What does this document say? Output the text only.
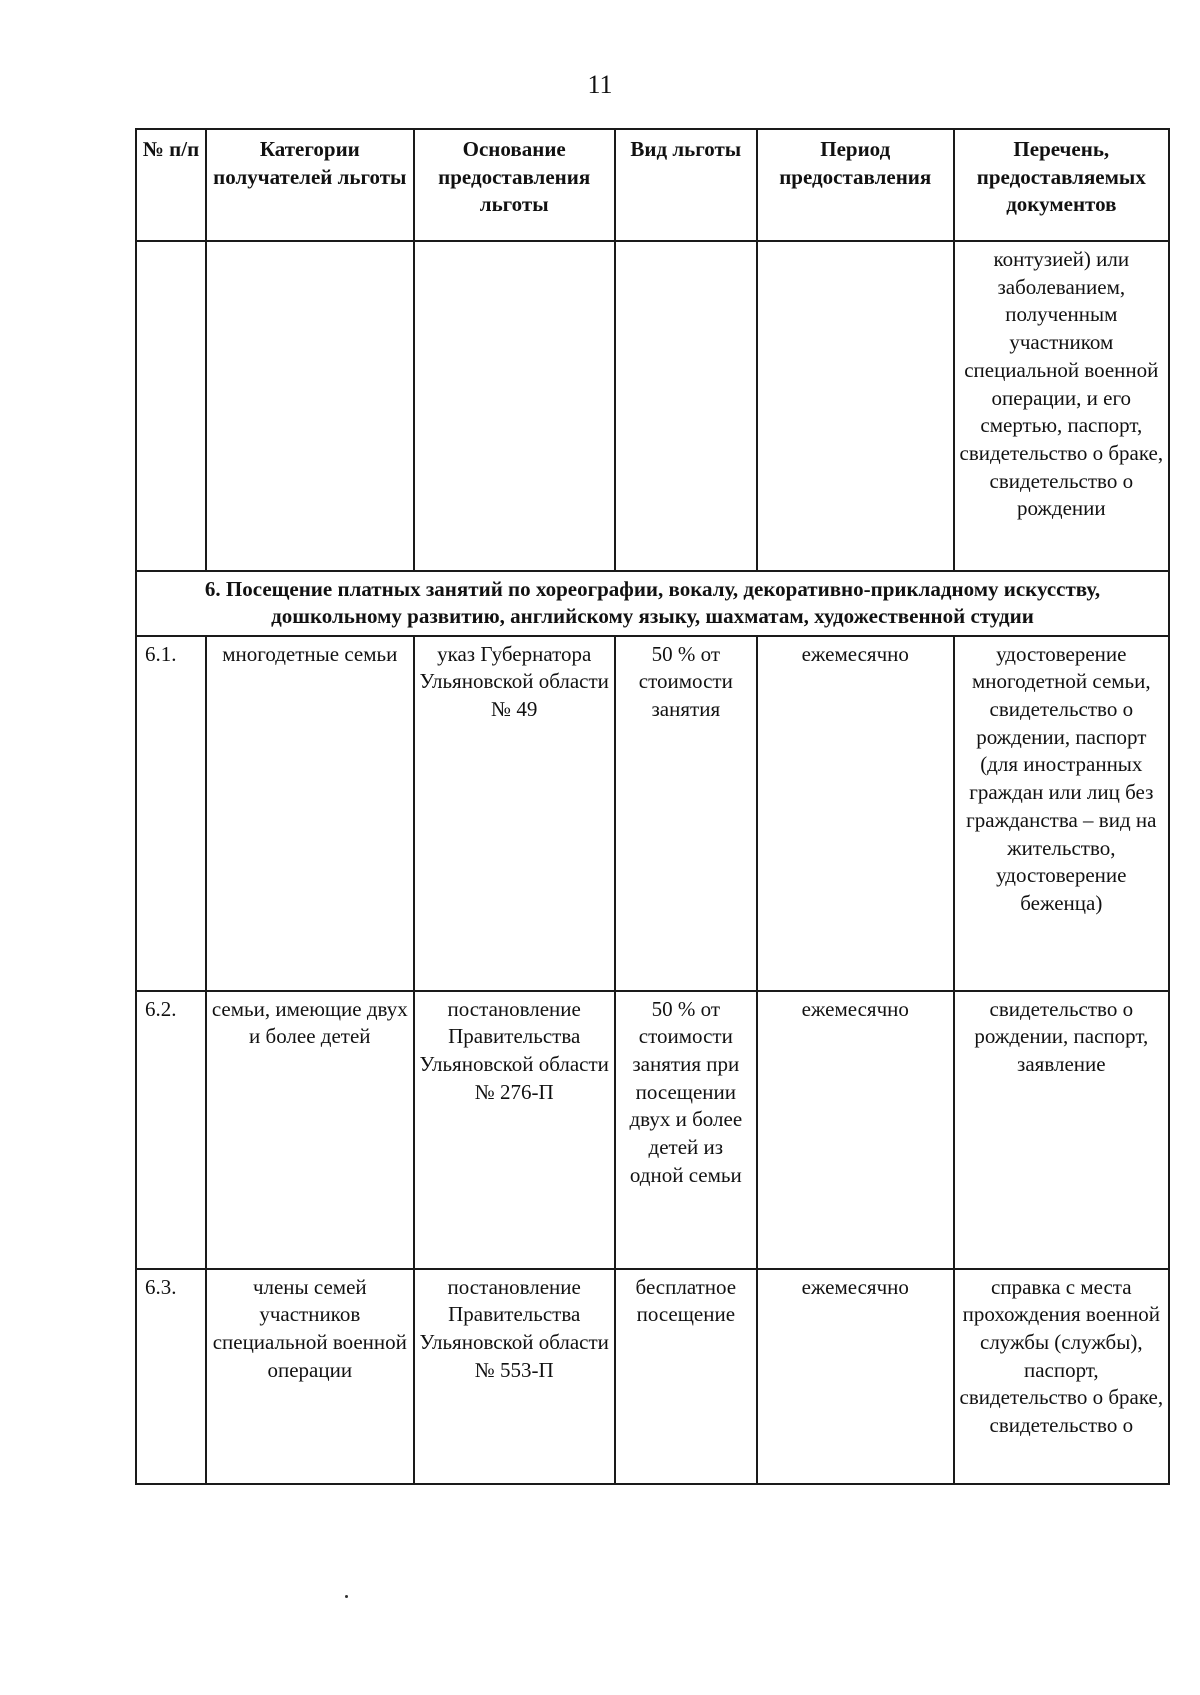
11
№ п/п	Категории получателей льготы	Основание предоставления льготы	Вид льготы	Период предоставления	Перечень, предоставляемых документов
					контузией) или заболеванием, полученным участником специальной военной операции, и его смертью, паспорт, свидетельство о браке, свидетельство о рождении
6. Посещение платных занятий по хореографии, вокалу, декоративно-прикладному искусству, дошкольному развитию, английскому языку, шахматам, художественной студии					
6.1.	многодетные семьи	указ Губернатора Ульяновской области № 49	50 % от стоимости занятия	ежемесячно	удостоверение многодетной семьи, свидетельство о рождении, паспорт (для иностранных граждан или лиц без гражданства – вид на жительство, удостоверение беженца)
6.2.	семьи, имеющие двух и более детей	постановление Правительства Ульяновской области № 276-П	50 % от стоимости занятия при посещении двух и более детей из одной семьи	ежемесячно	свидетельство о рождении, паспорт, заявление
6.3.	члены семей участников специальной военной операции	постановление Правительства Ульяновской области № 553-П	бесплатное посещение	ежемесячно	справка с места прохождения военной службы (службы), паспорт, свидетельство о браке, свидетельство о
